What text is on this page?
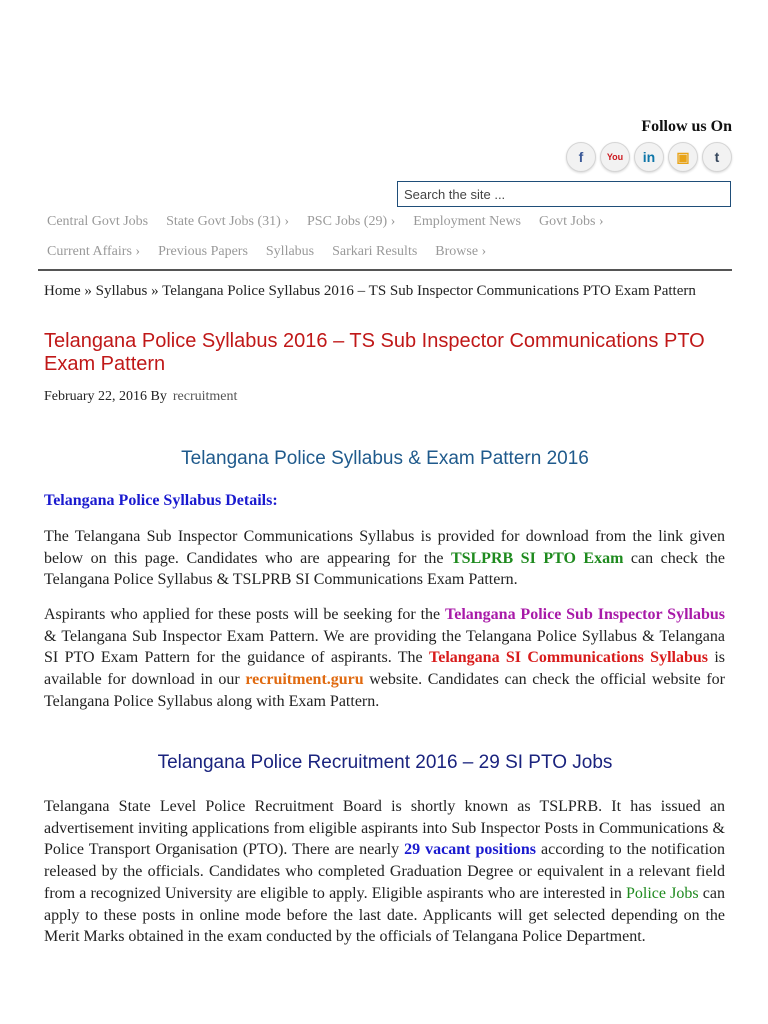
Follow us On
f	You	in	▣	t
Search the site ...
Central Govt Jobs	State Govt Jobs (31) ›	PSC Jobs (29) ›	Employment News	Govt Jobs ›
Current Affairs ›	Previous Papers	Syllabus	Sarkari Results	Browse ›
Home » Syllabus » Telangana Police Syllabus 2016 – TS Sub Inspector Communications PTO Exam Pattern
Telangana Police Syllabus 2016 – TS Sub Inspector Communications PTO Exam Pattern
February 22, 2016 By recruitment
Telangana Police Syllabus & Exam Pattern 2016
Telangana Police Syllabus Details:

The Telangana Sub Inspector Communications Syllabus is provided for download from the link given below on this page. Candidates who are appearing for the TSLPRB SI PTO Exam can check the Telangana Police Syllabus & TSLPRB SI Communications Exam Pattern.

Aspirants who applied for these posts will be seeking for the Telangana Police Sub Inspector Syllabus & Telangana Sub Inspector Exam Pattern. We are providing the Telangana Police Syllabus & Telangana SI PTO Exam Pattern for the guidance of aspirants. The Telangana SI Communications Syllabus is available for download in our recruitment.guru website. Candidates can check the official website for Telangana Police Syllabus along with Exam Pattern.

Telangana Police Recruitment 2016 – 29 SI PTO Jobs

Telangana State Level Police Recruitment Board is shortly known as TSLPRB. It has issued an advertisement inviting applications from eligible aspirants into Sub Inspector Posts in Communications & Police Transport Organisation (PTO). There are nearly 29 vacant positions according to the notification released by the officials. Candidates who completed Graduation Degree or equivalent in a relevant field from a recognized University are eligible to apply. Eligible aspirants who are interested in Police Jobs can apply to these posts in online mode before the last date. Applicants will get selected depending on the Merit Marks obtained in the exam conducted by the officials of Telangana Police Department.
